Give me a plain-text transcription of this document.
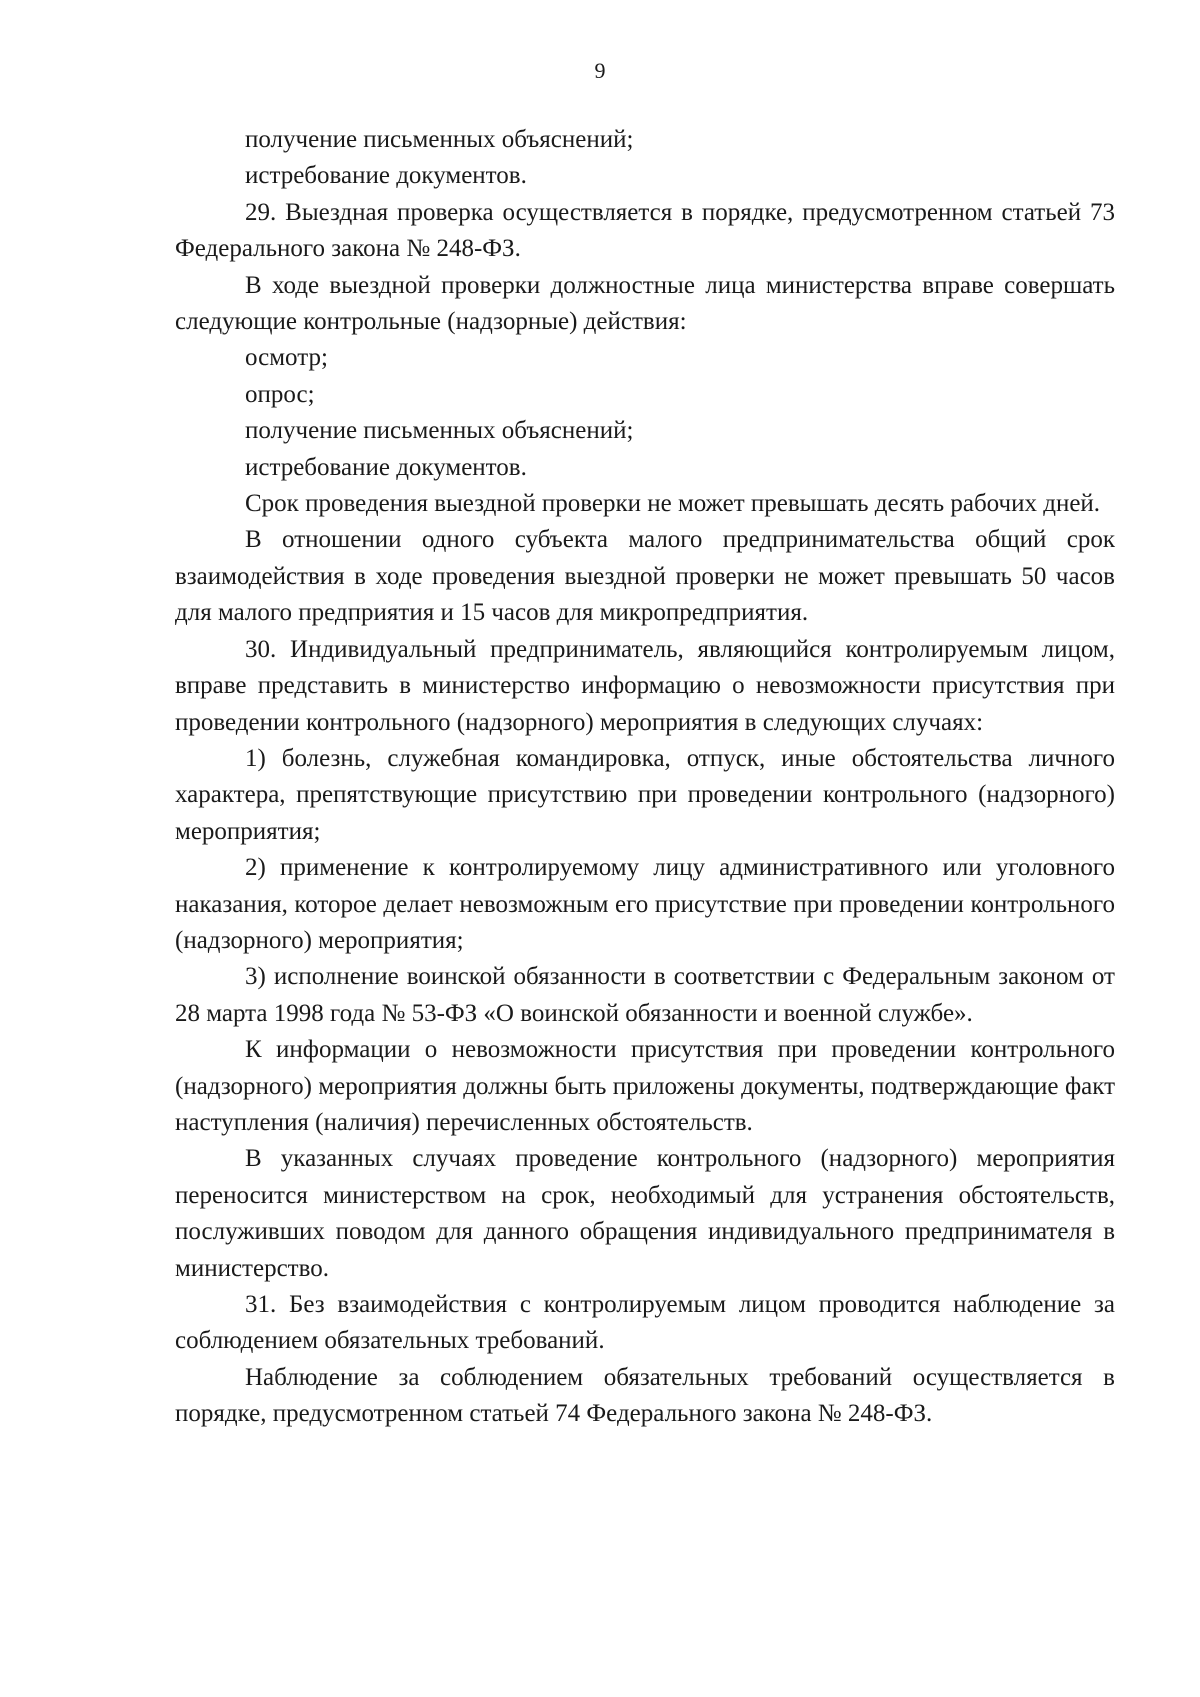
9

получение письменных объяснений;

истребование документов.

29. Выездная проверка осуществляется в порядке, предусмотренном статьей 73 Федерального закона № 248-ФЗ.

В ходе выездной проверки должностные лица министерства вправе совершать следующие контрольные (надзорные) действия:

осмотр;

опрос;

получение письменных объяснений;

истребование документов.

Срок проведения выездной проверки не может превышать десять рабочих дней.

В отношении одного субъекта малого предпринимательства общий срок взаимодействия в ходе проведения выездной проверки не может превышать 50 часов для малого предприятия и 15 часов для микропредприятия.

30. Индивидуальный предприниматель, являющийся контролируемым лицом, вправе представить в министерство информацию о невозможности присутствия при проведении контрольного (надзорного) мероприятия в следующих случаях:

1) болезнь, служебная командировка, отпуск, иные обстоятельства личного характера, препятствующие присутствию при проведении контрольного (надзорного) мероприятия;

2) применение к контролируемому лицу административного или уголовного наказания, которое делает невозможным его присутствие при проведении контрольного (надзорного) мероприятия;

3) исполнение воинской обязанности в соответствии с Федеральным законом от 28 марта 1998 года № 53-ФЗ «О воинской обязанности и военной службе».

К информации о невозможности присутствия при проведении контрольного (надзорного) мероприятия должны быть приложены документы, подтверждающие факт наступления (наличия) перечисленных обстоятельств.

В указанных случаях проведение контрольного (надзорного) мероприятия переносится министерством на срок, необходимый для устранения обстоятельств, послуживших поводом для данного обращения индивидуального предпринимателя в министерство.

31. Без взаимодействия с контролируемым лицом проводится наблюдение за соблюдением обязательных требований.

Наблюдение за соблюдением обязательных требований осуществляется в порядке, предусмотренном статьей 74 Федерального закона № 248-ФЗ.
